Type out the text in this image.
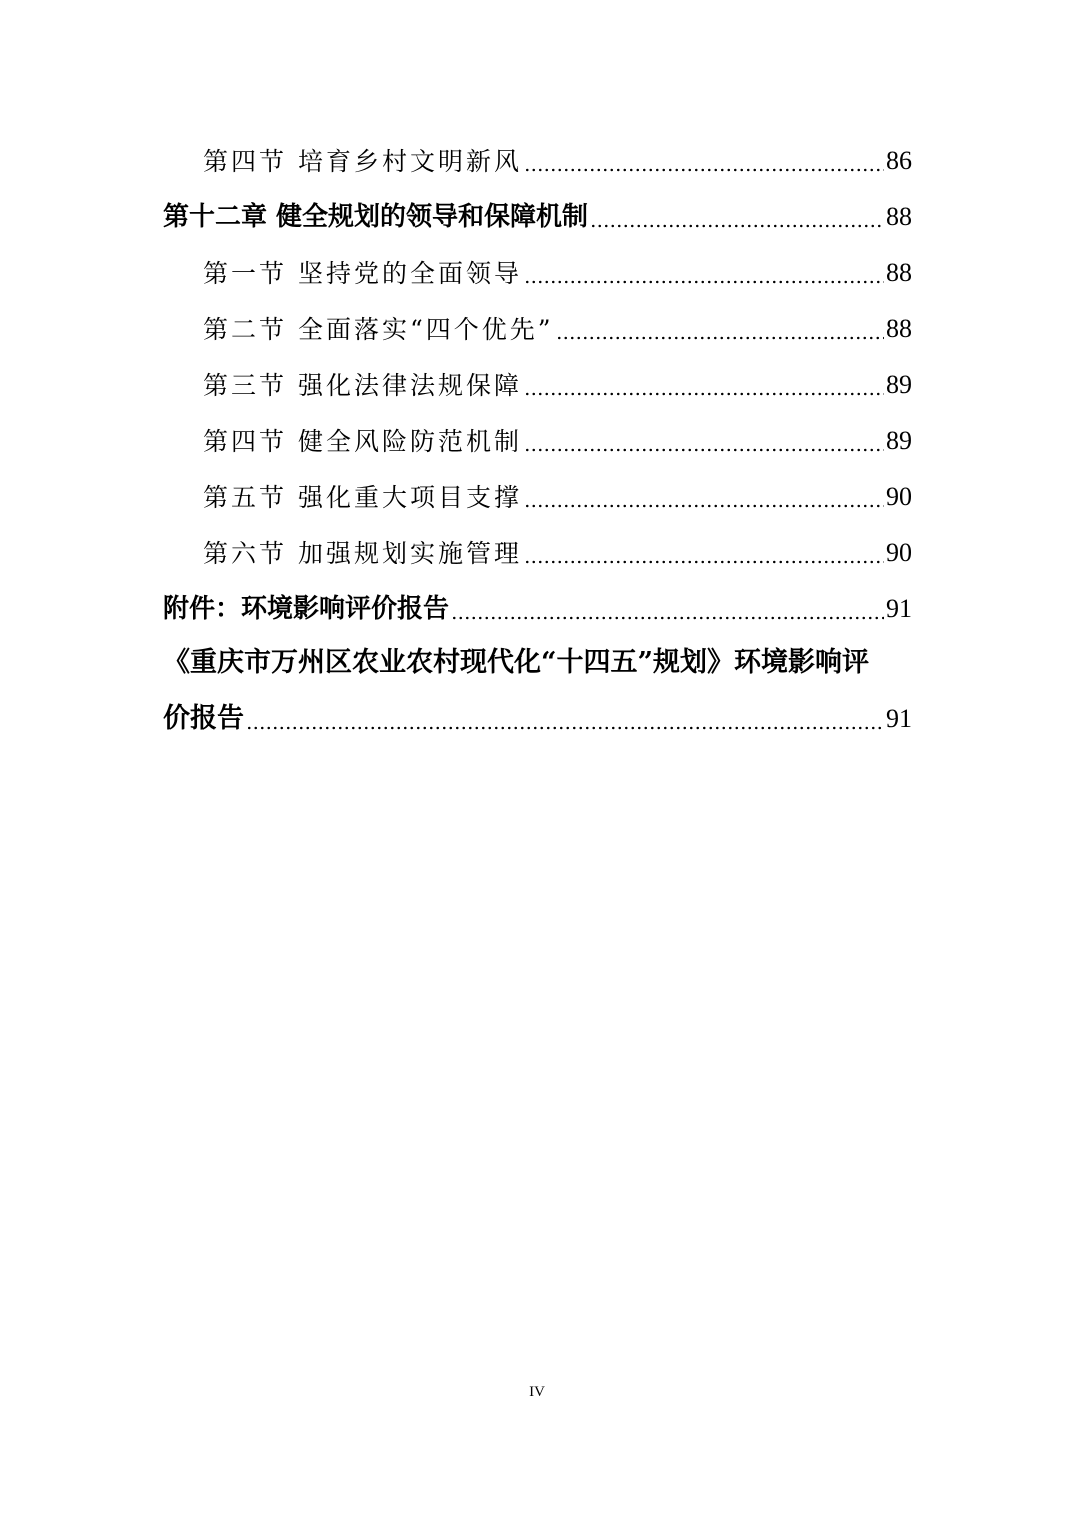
第四节 培育乡村文明新风	86
第十二章 健全规划的领导和保障机制	88
第一节 坚持党的全面领导	88
第二节 全面落实“四个优先”	88
第三节 强化法律法规保障	89
第四节 健全风险防范机制	89
第五节 强化重大项目支撑	90
第六节 加强规划实施管理	90
附件：环境影响评价报告	91
《重庆市万州区农业农村现代化“十四五”规划》环境影响评
价报告	91
IV
